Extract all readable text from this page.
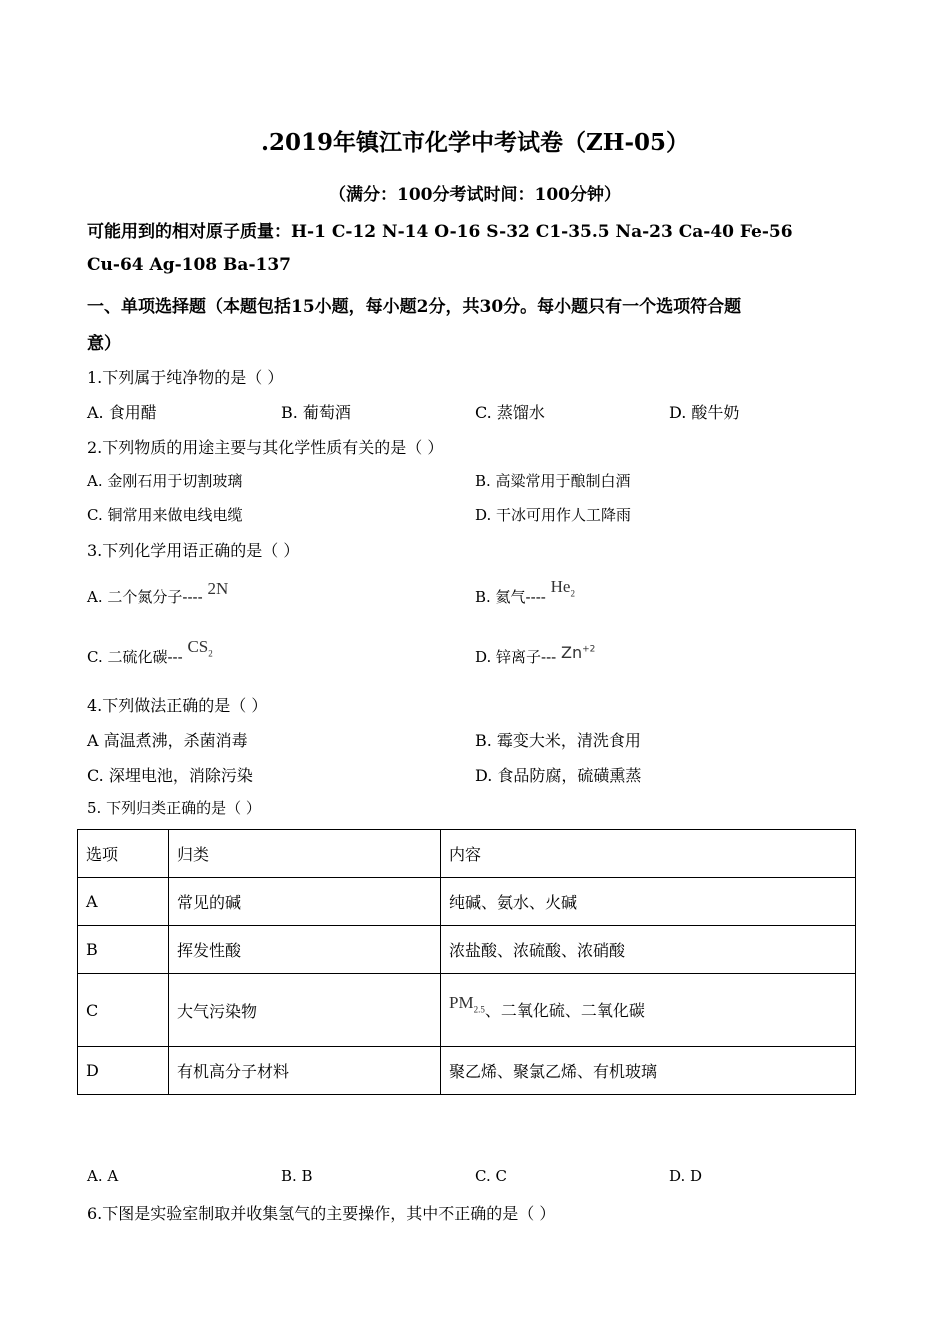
.2019年镇江市化学中考试卷（ZH-05）
（满分：100分考试时间：100分钟）
可能用到的相对原子质量：H-1 C-12 N-14 O-16 S-32 C1-35.5 Na-23 Ca-40 Fe-56
Cu-64 Ag-108 Ba-137
一、单项选择题（本题包括15小题，每小题2分，共30分。每小题只有一个选项符合题
意）
1.下列属于纯净物的是（ ）
A. 食用醋	B. 葡萄酒	C. 蒸馏水	D. 酸牛奶
2.下列物质的用途主要与其化学性质有关的是（ ）
A. 金刚石用于切割玻璃	B. 高粱常用于酿制白酒
C. 铜常用来做电线电缆	D. 干冰可用作人工降雨
3.下列化学用语正确的是（ ）
A. 二个氮分子---- 2N	B. 氦气---- $He_2$
C. 二硫化碳--- $CS_2$	D. 锌离子--- $Zn^{+2}$
4.下列做法正确的是（ ）
A 高温煮沸，杀菌消毒	B. 霉变大米，清洗食用
C. 深埋电池，消除污染	D. 食品防腐，硫磺熏蒸
5. 下列归类正确的是（ ）
选项	归类	内容
A	常见的碱	纯碱、氨水、火碱
B	挥发性酸	浓盐酸、浓硫酸、浓硝酸
C	大气污染物	$PM_{2.5}$、二氧化硫、二氧化碳
D	有机高分子材料	聚乙烯、聚氯乙烯、有机玻璃
A. A	B. B	C. C	D. D
6.下图是实验室制取并收集氢气的主要操作，其中不正确的是（ ）
